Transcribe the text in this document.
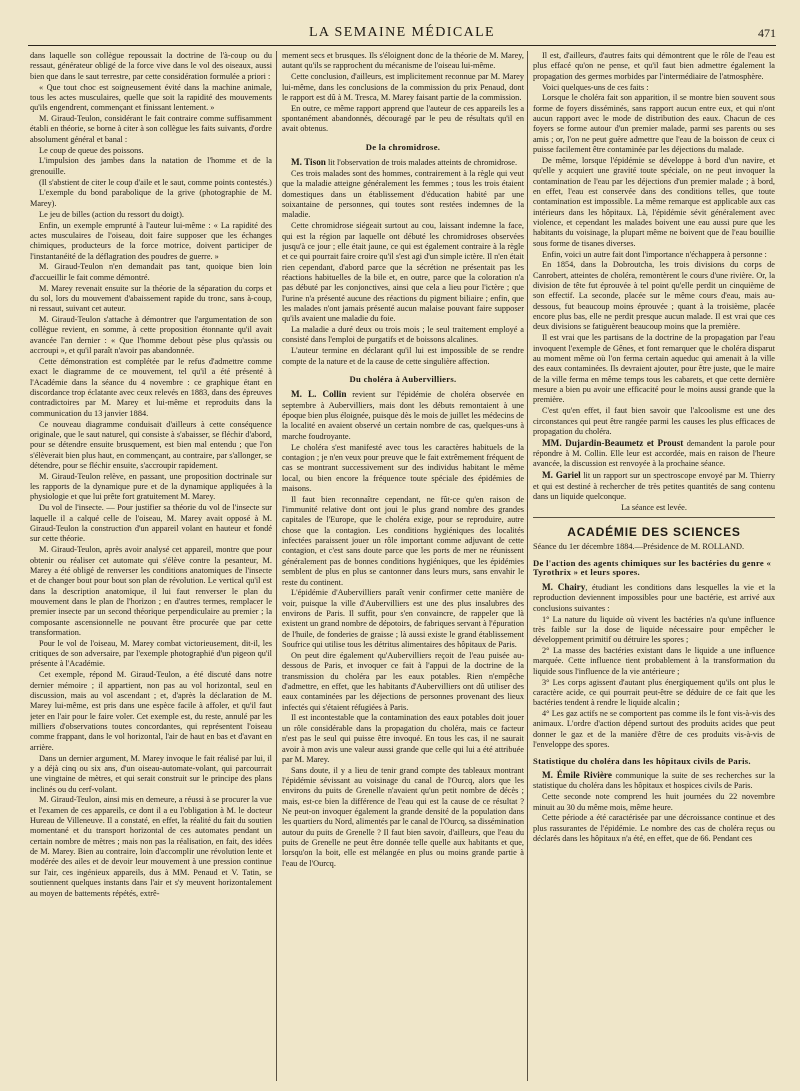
LA SEMAINE MÉDICALE	471

dans laquelle son collègue repoussait la doctrine de l'à-coup ou du ressaut, générateur obligé de la force vive dans le vol des oiseaux, aussi bien que dans le saut terrestre, par cette considération formulée a priori :

« Que tout choc est soigneusement évité dans la machine animale, tous les actes musculaires, quelle que soit la rapidité des mouvements qu'ils engendrent, commençant et finissant lentement. »

M. Giraud-Teulon, considérant le fait contraire comme suffisamment établi en théorie, se borne à citer à son collègue les faits suivants, d'ordre absolument général et banal :

Le coup de queue des poissons.

L'impulsion des jambes dans la natation de l'homme et de la grenouille.

(Il s'abstient de citer le coup d'aile et le saut, comme points contestés.)

L'exemple du bond parabolique de la grive (photographie de M. Marey).

Le jeu de billes (action du ressort du doigt).

Enfin, un exemple emprunté à l'auteur lui-même : « La rapidité des actes musculaires de l'oiseau, doit faire supposer que les échanges chimiques, producteurs de la force motrice, doivent participer de l'instantanéité de la déflagration des poudres de guerre. »

M. Giraud-Teulon n'en demandait pas tant, quoique bien loin d'accueillir le fait comme démontré.

M. Marey revenait ensuite sur la théorie de la séparation du corps et du sol, lors du mouvement d'abaissement rapide du tronc, sans à-coup, ni ressaut, suivant cet auteur.

M. Giraud-Teulon s'attache à démontrer que l'argumentation de son collègue revient, en somme, à cette proposition étonnante qu'il avait avancée l'an dernier : « Que l'homme debout pèse plus qu'assis ou accroupi », et qu'il paraît n'avoir pas abandonnée.

Cette démonstration est complétée par le refus d'admettre comme exact le diagramme de ce mouvement, tel qu'il a été présenté à l'Académie dans la séance du 4 novembre : ce graphique étant en discordance trop éclatante avec ceux relevés en 1883, dans des épreuves contradictoires par M. Marey et lui-même et reproduits dans la communication du 13 janvier 1884.

Ce nouveau diagramme conduisait d'ailleurs à cette conséquence originale, que le saut naturel, qui consiste à s'abaisser, se fléchir d'abord, pour se détendre ensuite brusquement, est bien mal entendu ; que l'on s'élèverait bien plus haut, en commençant, au contraire, par s'allonger, se détendre, pour se fléchir ensuite, s'accroupir rapidement.

M. Giraud-Teulon relève, en passant, une proposition doctrinale sur les rapports de la dynamique pure et de la dynamique appliquées à la physiologie et que lui prête fort gratuitement M. Marey.

Du vol de l'insecte. — Pour justifier sa théorie du vol de l'insecte sur laquelle il a calqué celle de l'oiseau, M. Marey avait opposé à M. Giraud-Teulon la construction d'un appareil volant en hauteur et fondé sur cette théorie.

M. Giraud-Teulon, après avoir analysé cet appareil, montre que pour obtenir ou réaliser cet automate qui s'élève contre la pesanteur, M. Marey a été obligé de renverser les conditions anatomiques de l'insecte et de changer bout pour bout son plan de révolution. Le vertical qu'il est dans la description anatomique, il lui faut renverser le plan du mouvement dans le plan de l'horizon ; en d'autres termes, remplacer le premier insecte par un second théorique perpendiculaire au premier ; la composante ascensionnelle ne pouvant être procurée que par cette transformation.

Pour le vol de l'oiseau, M. Marey combat victorieusement, dit-il, les critiques de son adversaire, par l'exemple photographié d'un pigeon qu'il présente à l'Académie.

Cet exemple, répond M. Giraud-Teulon, a été discuté dans notre dernier mémoire ; il appartient, non pas au vol horizontal, seul en discussion, mais au vol ascendant ; et, d'après la déclaration de M. Marey lui-même, est pris dans une espèce facile à affoler, et qu'il faut jeter en l'air pour le faire voler. Cet exemple est, du reste, annulé par les milliers d'observations toutes concordantes, qui représentent l'oiseau comme frappant, dans le vol horizontal, l'air de haut en bas et d'avant en arrière.

Dans un dernier argument, M. Marey invoque le fait réalisé par lui, il y a déjà cinq ou six ans, d'un oiseau-automate-volant, qui parcourrait une vingtaine de mètres, et qui serait construit sur le principe des plans inclinés ou du cerf-volant.

M. Giraud-Teulon, ainsi mis en demeure, a réussi à se procurer la vue et l'examen de ces appareils, ce dont il a eu l'obligation à M. le docteur Hureau de Villeneuve. Il a constaté, en effet, la réalité du fait du soutien momentané et du transport horizontal de ces automates pendant un certain nombre de mètres ; mais non pas la réalisation, en fait, des idées de M. Marey. Bien au contraire, loin d'accomplir une révolution lente et modérée des ailes et de devoir leur mouvement à une pression continue sur l'air, ces ingénieux appareils, dus à MM. Penaud et V. Tatin, se soutiennent quelques instants dans l'air et s'y meuvent horizontalement au moyen de battements répétés, extrê-

mement secs et brusques. Ils s'éloignent donc de la théorie de M. Marey, autant qu'ils se rapprochent du mécanisme de l'oiseau lui-même.

Cette conclusion, d'ailleurs, est implicitement reconnue par M. Marey lui-même, dans les conclusions de la commission du prix Penaud, dont le rapport est dû à M. Tresca, M. Marey faisant partie de la commission.

En outre, ce même rapport apprend que l'auteur de ces appareils les a spontanément abandonnés, découragé par le peu de résultats qu'il en avait obtenus.

De la chromidrose.

M. Tison lit l'observation de trois malades atteints de chromidrose.

Ces trois malades sont des hommes, contrairement à la règle qui veut que la maladie atteigne généralement les femmes ; tous les trois étaient domestiques dans un établissement d'éducation habité par une soixantaine de personnes, qui toutes sont restées indemnes de la maladie.

Cette chromidrose siégeait surtout au cou, laissant indemne la face, qui est la région par laquelle ont débuté les chromidroses observées jusqu'à ce jour ; elle était jaune, ce qui est également contraire à la règle et ce qui pourrait faire croire qu'il s'est agi d'un simple ictère. Il n'en était rien cependant, d'abord parce que la sécrétion ne présentait pas les réactions habituelles de la bile et, en outre, parce que la coloration n'a pas débuté par les conjonctives, ainsi que cela a lieu pour l'ictère ; que l'urine n'a présenté aucune des réactions du pigment biliaire ; enfin, que les malades n'ont jamais présenté aucun malaise pouvant faire supposer qu'ils avaient une maladie du foie.

La maladie a duré deux ou trois mois ; le seul traitement employé a consisté dans l'emploi de purgatifs et de boissons alcalines.

L'auteur termine en déclarant qu'il lui est impossible de se rendre compte de la nature et de la cause de cette singulière affection.

Du choléra à Aubervilliers.

M. L. Collin revient sur l'épidémie de choléra observée en septembre à Aubervilliers, mais dont les débuts remontaient à une époque bien plus éloignée, puisque dès le mois de juillet les médecins de la localité en avaient observé un certain nombre de cas, quelques-uns à marche foudroyante.

Le choléra s'est manifesté avec tous les caractères habituels de la contagion ; je n'en veux pour preuve que le fait extrêmement fréquent de cas se montrant successivement sur des individus habitant le même local, ou bien encore la fréquence toute spéciale des épidémies de maisons.

Il faut bien reconnaître cependant, ne fût-ce qu'en raison de l'immunité relative dont ont joui le plus grand nombre des grandes capitales de l'Europe, que le choléra exige, pour se reproduire, autre chose que la contagion. Les conditions hygiéniques des localités infectées paraissent jouer un rôle important comme adjuvant de cette contagion, et c'est sans doute parce que les ports de mer ne réunissent généralement pas de bonnes conditions hygiéniques, que les épidémies semblent de plus en plus se cantonner dans leurs murs, sans envahir le reste du continent.

L'épidémie d'Aubervilliers paraît venir confirmer cette manière de voir, puisque la ville d'Aubervilliers est une des plus insalubres des environs de Paris. Il suffit, pour s'en convaincre, de rappeler que là existent un grand nombre de dépotoirs, de fabriques servant à l'épuration de l'huile, de fonderies de graisse ; là aussi existe le grand établissement Soufrice qui utilise tous les détritus alimentaires des hôpitaux de Paris.

On peut dire également qu'Aubervilliers reçoit de l'eau puisée au-dessous de Paris, et invoquer ce fait à l'appui de la doctrine de la transmission du choléra par les eaux potables. Rien n'empêche d'admettre, en effet, que les habitants d'Aubervilliers ont dû utiliser des eaux contaminées par les déjections de personnes provenant des lieux infectés qui s'étaient réfugiées à Paris.

Il est incontestable que la contamination des eaux potables doit jouer un rôle considérable dans la propagation du choléra, mais ce facteur n'est pas le seul qui puisse être invoqué. En tous les cas, il ne saurait avoir à mon avis une valeur aussi grande que celle qui lui a été attribuée par M. Marey.

Sans doute, il y a lieu de tenir grand compte des tableaux montrant l'épidémie sévissant au voisinage du canal de l'Ourcq, alors que les environs du puits de Grenelle n'avaient qu'un petit nombre de décès ; mais, est-ce bien la différence de l'eau qui est la cause de ce résultat ? Ne peut-on invoquer également la grande densité de la population dans les quartiers du Nord, alimentés par le canal de l'Ourcq, sa dissémination autour du puits de Grenelle ? Il faut bien savoir, d'ailleurs, que l'eau du puits de Grenelle ne peut être donnée telle quelle aux habitants et que, lorsqu'on la boit, elle est mélangée en plus ou moins grande partie à l'eau de l'Ourcq.

Il est, d'ailleurs, d'autres faits qui démontrent que le rôle de l'eau est plus effacé qu'on ne pense, et qu'il faut bien admettre également la propagation des germes morbides par l'intermédiaire de l'atmosphère.

Voici quelques-uns de ces faits :

Lorsque le choléra fait son apparition, il se montre bien souvent sous forme de foyers disséminés, sans rapport aucun entre eux, et qui n'ont aucun rapport avec le mode de distribution des eaux. Chacun de ces foyers se forme autour d'un premier malade, parmi ses parents ou ses amis ; or, l'on ne peut guère admettre que l'eau de la boisson de ceux ci puisse facilement être contaminée par les déjections du malade.

De même, lorsque l'épidémie se développe à bord d'un navire, et qu'elle y acquiert une gravité toute spéciale, on ne peut invoquer la contamination de l'eau par les déjections d'un premier malade ; à bord, en effet, l'eau est conservée dans des conditions telles, que toute contamination est impossible. La même remarque est applicable aux cas intérieurs dans les hôpitaux. Là, l'épidémie sévit généralement avec violence, et cependant les malades boivent une eau aussi pure que les habitants du voisinage, la plupart même ne boivent que de l'eau bouillie sous forme de tisanes diverses.

Enfin, voici un autre fait dont l'importance n'échappera à personne :

En 1854, dans la Dobroutcha, les trois divisions du corps de Canrobert, atteintes de choléra, remontèrent le cours d'une rivière. Or, la division de tête fut éprouvée à tel point qu'elle perdit un cinquième de son effectif. La seconde, placée sur le même cours d'eau, mais au-dessous, fut beaucoup moins éprouvée ; quant à la troisième, placée encore plus bas, elle ne perdit presque aucun malade. Il est vrai que ces deux divisions se fatiguèrent beaucoup moins que la première.

Il est vrai que les partisans de la doctrine de la propagation par l'eau invoquent l'exemple de Gênes, et font remarquer que le choléra disparut au moment même où l'on ferma certain aqueduc qui amenait à la ville des eaux contaminées. Ils devraient ajouter, pour être juste, que le maire de la ville ferma en même temps tous les cabarets, et que cette dernière mesure a bien pu avoir une efficacité pour le moins aussi grande que la première.

C'est qu'en effet, il faut bien savoir que l'alcoolisme est une des circonstances qui peut être rangée parmi les causes les plus efficaces de propagation du choléra.

MM. Dujardin-Beaumetz et Proust demandent la parole pour répondre à M. Collin. Elle leur est accordée, mais en raison de l'heure avancée, la discussion est renvoyée à la prochaine séance.

M. Gariel lit un rapport sur un spectroscope envoyé par M. Thierry et qui est destiné à rechercher de très petites quantités de sang contenu dans un liquide quelconque.

La séance est levée.

ACADÉMIE DES SCIENCES

Séance du 1er décembre 1884.—Présidence de M. ROLLAND.

De l'action des agents chimiques sur les bactéries du genre « Tyrothrix » et leurs spores.

M. Chairy, étudiant les conditions dans lesquelles la vie et la reproduction deviennent impossibles pour une bactérie, est arrivé aux conclusions suivantes :

1° La nature du liquide où vivent les bactéries n'a qu'une influence très faible sur la dose de liquide nécessaire pour empêcher le développement primitif ou détruire les spores ;

2° La masse des bactéries existant dans le liquide a une influence marquée. Cette influence tient probablement à la transformation du liquide sous l'influence de la vie antérieure ;

3° Les corps agissent d'autant plus énergiquement qu'ils ont plus le caractère acide, ce qui pourrait peut-être se déduire de ce fait que les bactéries tendent à rendre le liquide alcalin ;

4° Les gaz actifs ne se comportent pas comme ils le font vis-à-vis des animaux. L'ordre d'action dépend surtout des produits acides que peut donner le gaz et de la manière d'être de ces produits vis-à-vis de l'enveloppe des spores.

Statistique du choléra dans les hôpitaux civils de Paris.

M. Émile Rivière communique la suite de ses recherches sur la statistique du choléra dans les hôpitaux et hospices civils de Paris.

Cette seconde note comprend les huit journées du 22 novembre minuit au 30 du même mois, même heure.

Cette période a été caractérisée par une décroissance continue et des plus rassurantes de l'épidémie. Le nombre des cas de choléra reçus ou déclarés dans les hôpitaux n'a été, en effet, que de 66. Pendant ces
